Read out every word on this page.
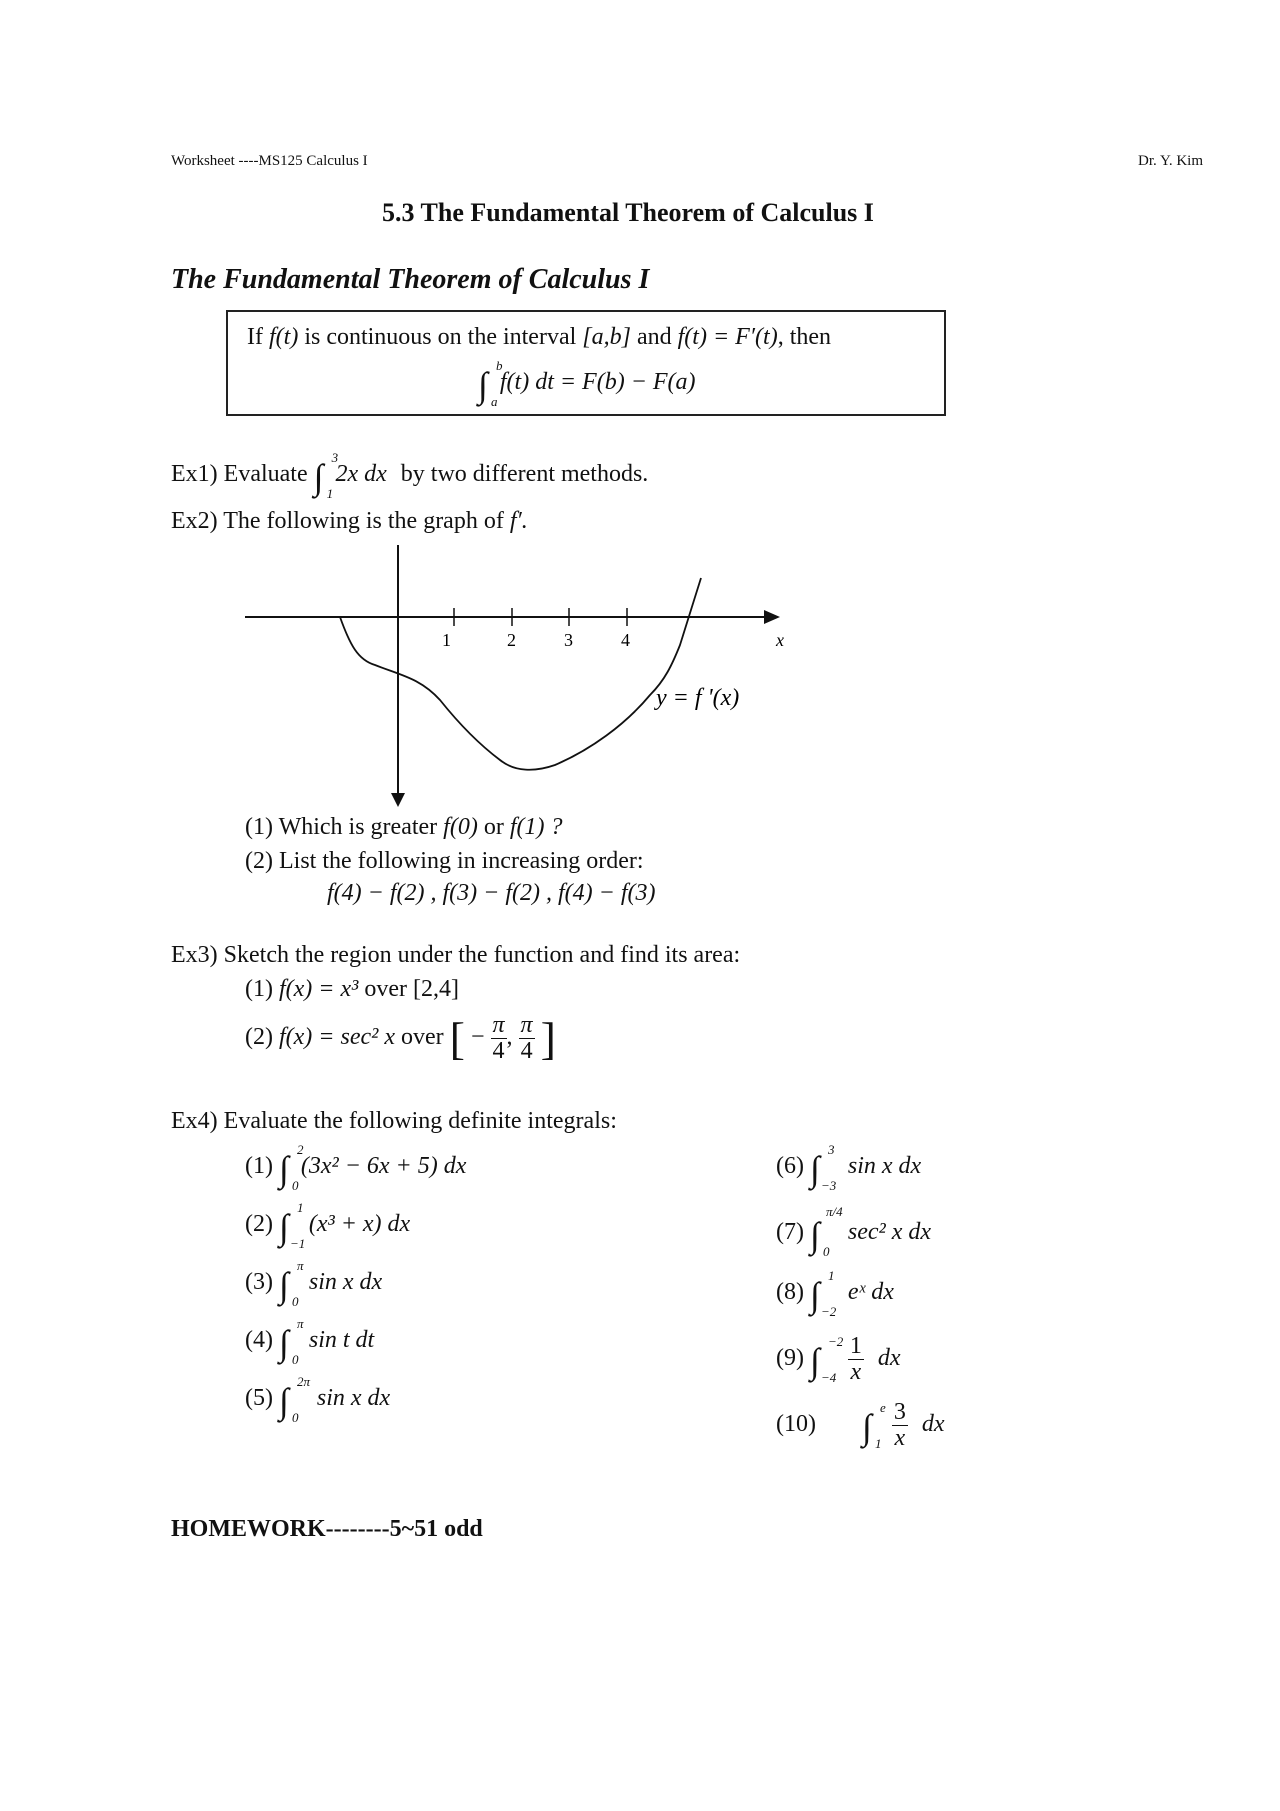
Worksheet ----MS125 Calculus I	Dr. Y. Kim
5.3 The Fundamental Theorem of Calculus I
The Fundamental Theorem of Calculus I
If f(t) is continuous on the interval [a,b] and f(t) = F′(t), then
∫ b
a
f(t) dt = F(b) − F(a)
Ex1) Evaluate ∫ 3
1
2x dx by two different methods.
Ex2) The following is the graph of f′.
1	2	3	4	x
y = f '(x)
(1) Which is greater f(0) or f(1) ?
(2) List the following in increasing order:
f(4) − f(2) , f(3) − f(2) , f(4) − f(3)
Ex3) Sketch the region under the function and find its area:
(1) f(x) = x³ over [2,4]
(2) f(x) = sec² x over [ − $\frac{\pi}{4}$ , $\frac{\pi}{4}$ ]
Ex4) Evaluate the following definite integrals:
(1) ∫ 2
0
(3x² − 6x + 5) dx
(2) ∫ 1
−1
(x³ + x) dx
(3) ∫ π
0
sin x dx
(4) ∫ π
0
sin t dt
(5) ∫ 2π
0
sin x dx
(6) ∫ 3
−3
sin x dx
(7) ∫
π/4
0
sec² x dx
(8) ∫ 1
−2
eˣ dx
(9) ∫ −2
−4
$\frac{1}{x}$ dx
(10) ∫ e
1
$\frac{3}{x}$ dx
HOMEWORK--------5~51 odd
